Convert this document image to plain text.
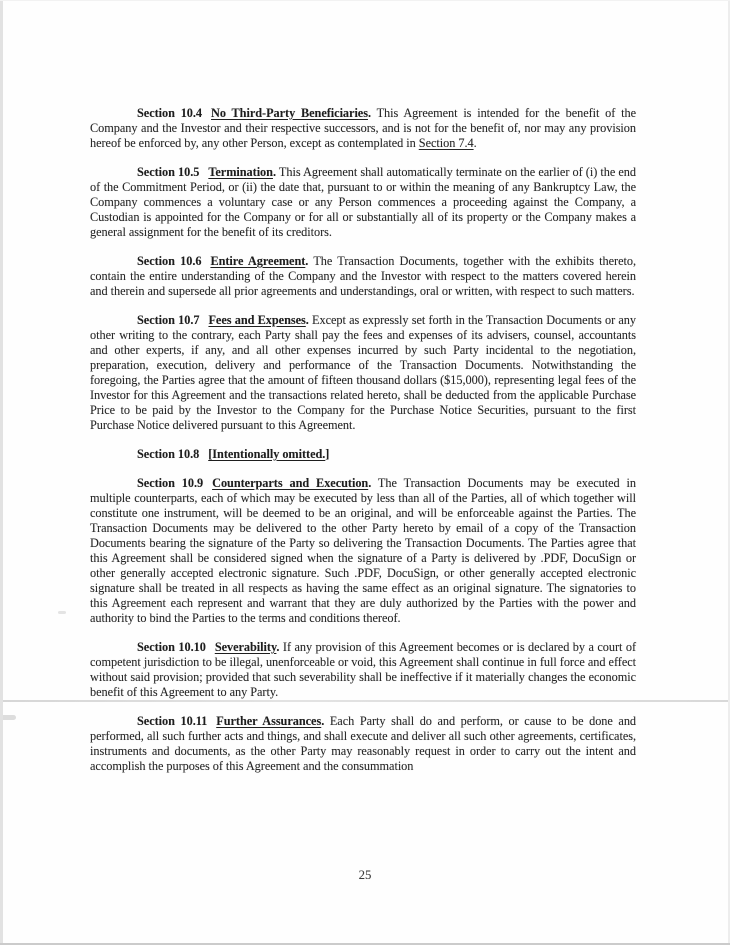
Section 10.4 No Third-Party Beneficiaries. This Agreement is intended for the benefit of the Company and the Investor and their respective successors, and is not for the benefit of, nor may any provision hereof be enforced by, any other Person, except as contemplated in Section 7.4.

Section 10.5 Termination. This Agreement shall automatically terminate on the earlier of (i) the end of the Commitment Period, or (ii) the date that, pursuant to or within the meaning of any Bankruptcy Law, the Company commences a voluntary case or any Person commences a proceeding against the Company, a Custodian is appointed for the Company or for all or substantially all of its property or the Company makes a general assignment for the benefit of its creditors.

Section 10.6 Entire Agreement. The Transaction Documents, together with the exhibits thereto, contain the entire understanding of the Company and the Investor with respect to the matters covered herein and therein and supersede all prior agreements and understandings, oral or written, with respect to such matters.

Section 10.7 Fees and Expenses. Except as expressly set forth in the Transaction Documents or any other writing to the contrary, each Party shall pay the fees and expenses of its advisers, counsel, accountants and other experts, if any, and all other expenses incurred by such Party incidental to the negotiation, preparation, execution, delivery and performance of the Transaction Documents. Notwithstanding the foregoing, the Parties agree that the amount of fifteen thousand dollars ($15,000), representing legal fees of the Investor for this Agreement and the transactions related hereto, shall be deducted from the applicable Purchase Price to be paid by the Investor to the Company for the Purchase Notice Securities, pursuant to the first Purchase Notice delivered pursuant to this Agreement.

Section 10.8 [Intentionally omitted.]

Section 10.9 Counterparts and Execution. The Transaction Documents may be executed in multiple counterparts, each of which may be executed by less than all of the Parties, all of which together will constitute one instrument, will be deemed to be an original, and will be enforceable against the Parties. The Transaction Documents may be delivered to the other Party hereto by email of a copy of the Transaction Documents bearing the signature of the Party so delivering the Transaction Documents. The Parties agree that this Agreement shall be considered signed when the signature of a Party is delivered by .PDF, DocuSign or other generally accepted electronic signature. Such .PDF, DocuSign, or other generally accepted electronic signature shall be treated in all respects as having the same effect as an original signature. The signatories to this Agreement each represent and warrant that they are duly authorized by the Parties with the power and authority to bind the Parties to the terms and conditions thereof.

Section 10.10 Severability. If any provision of this Agreement becomes or is declared by a court of competent jurisdiction to be illegal, unenforceable or void, this Agreement shall continue in full force and effect without said provision; provided that such severability shall be ineffective if it materially changes the economic benefit of this Agreement to any Party.

Section 10.11 Further Assurances. Each Party shall do and perform, or cause to be done and performed, all such further acts and things, and shall execute and deliver all such other agreements, certificates, instruments and documents, as the other Party may reasonably request in order to carry out the intent and accomplish the purposes of this Agreement and the consummation

25
